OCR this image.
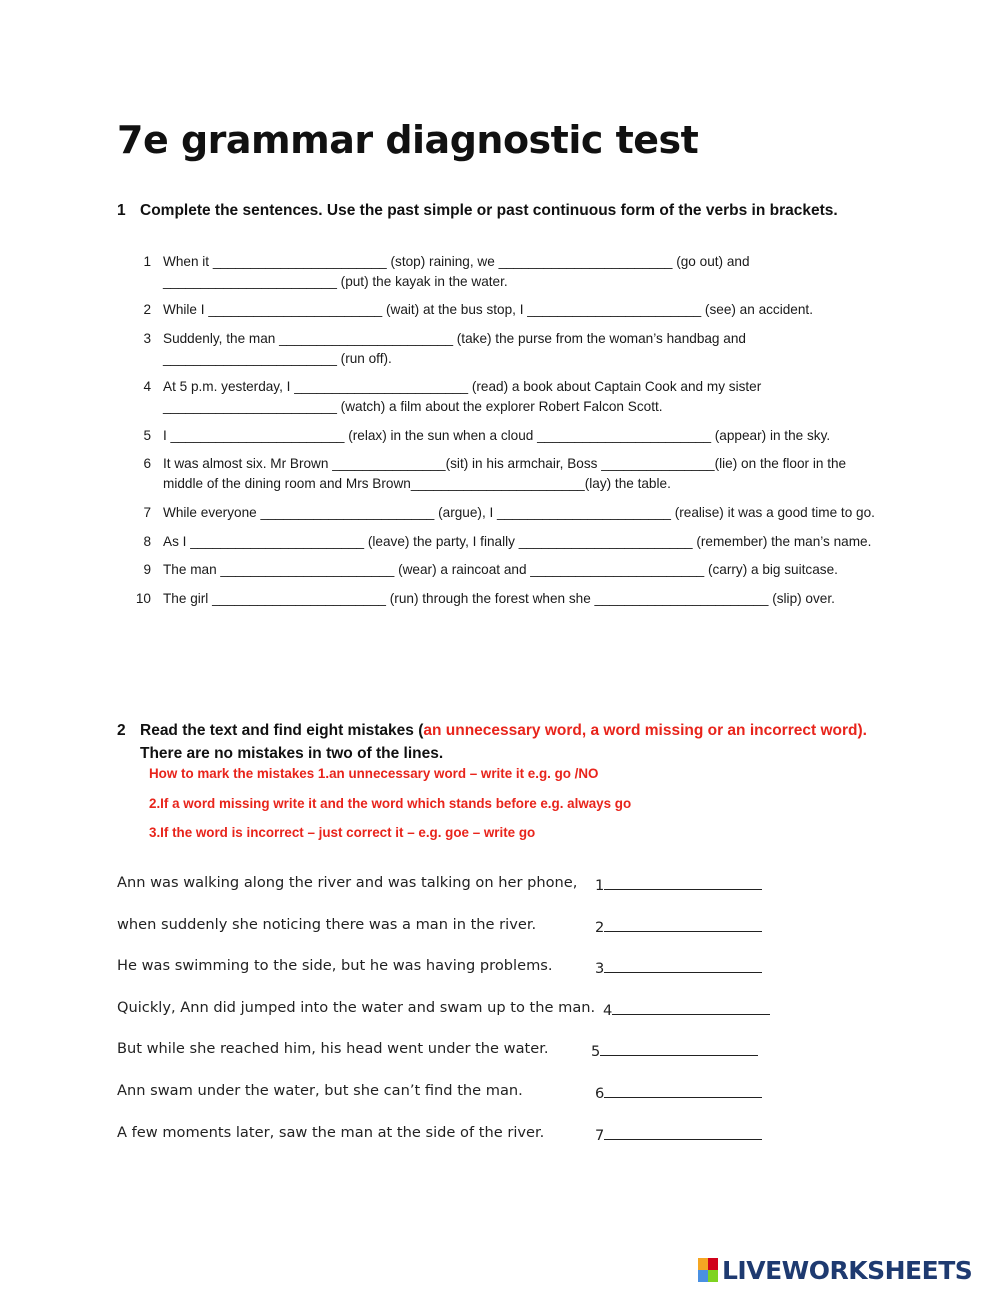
7e grammar diagnostic test
1 Complete the sentences. Use the past simple or past continuous form of the verbs in brackets.
1 When it _______________________ (stop) raining, we _______________________ (go out) and _______________________ (put) the kayak in the water.
2 While I _______________________ (wait) at the bus stop, I _______________________ (see) an accident.
3 Suddenly, the man _______________________ (take) the purse from the woman’s handbag and _______________________ (run off).
4 At 5 p.m. yesterday, I _______________________ (read) a book about Captain Cook and my sister _______________________ (watch) a film about the explorer Robert Falcon Scott.
5 I _______________________ (relax) in the sun when a cloud _______________________ (appear) in the sky.
6 It was almost six. Mr Brown _______________(sit) in his armchair, Boss _______________(lie) on the floor in the middle of the dining room and Mrs Brown_______________________(lay) the table.
7 While everyone _______________________ (argue), I _______________________ (realise) it was a good time to go.
8 As I _______________________ (leave) the party, I finally _______________________ (remember) the man’s name.
9 The man _______________________ (wear) a raincoat and _______________________ (carry) a big suitcase.
10 The girl _______________________ (run) through the forest when she _______________________ (slip) over.
2 Read the text and find eight mistakes (an unnecessary word, a word missing or an incorrect word). There are no mistakes in two of the lines.
How to mark the mistakes 1.an unnecessary word – write it e.g. go /NO
2.If a word missing write it and the word which stands before e.g. always go
3.If the word is incorrect – just correct it – e.g. goe – write go
Ann was walking along the river and was talking on her phone, 1
when suddenly she noticing there was a man in the river.	2
He was swimming to the side, but he was having problems.	3
Quickly, Ann did jumped into the water and swam up to the man. 4
But while she reached him, his head went under the water.	5
Ann swam under the water, but she can’t find the man.	6
A few moments later, saw the man at the side of the river.	7
LIVEWORKSHEETS
